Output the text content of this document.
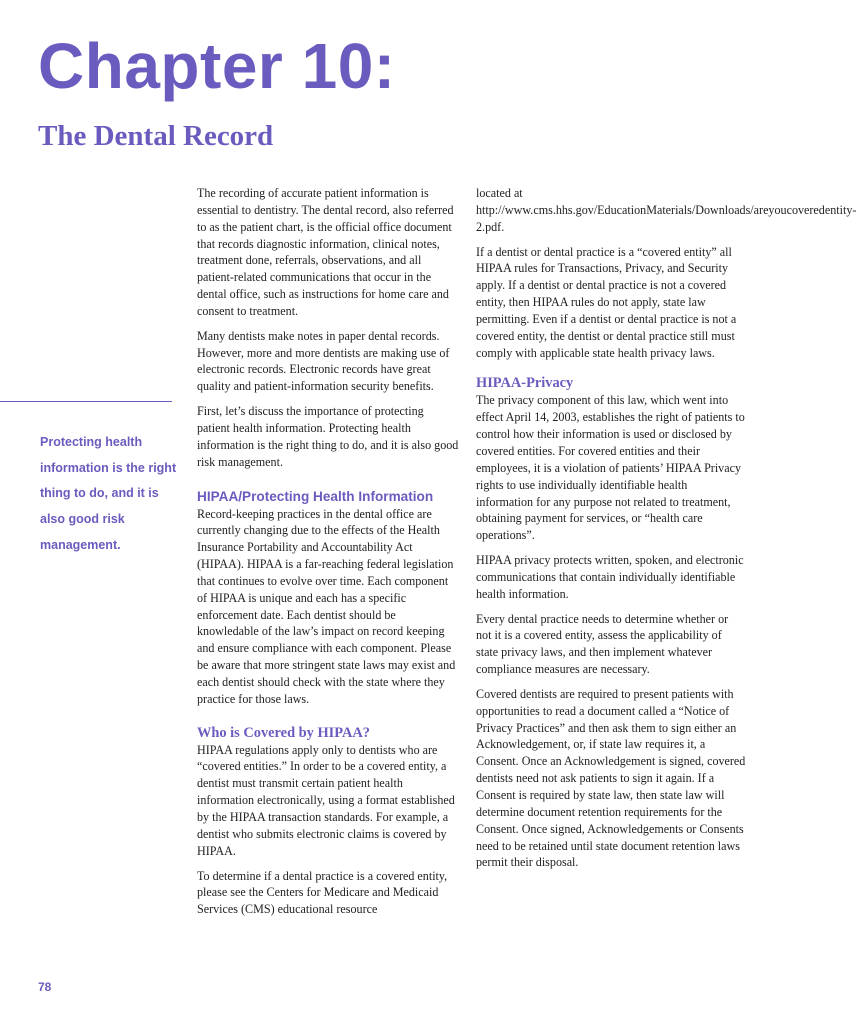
Chapter 10:
The Dental Record

Protecting health information is the right thing to do, and it is also good risk management.

The recording of accurate patient information is essential to dentistry. The dental record, also referred to as the patient chart, is the official office document that records diagnostic information, clinical notes, treatment done, referrals, observations, and all patient-related communications that occur in the dental office, such as instructions for home care and consent to treatment.

Many dentists make notes in paper dental records. However, more and more dentists are making use of electronic records. Electronic records have great quality and patient-information security benefits.

First, let’s discuss the importance of protecting patient health information. Protecting health information is the right thing to do, and it is also good risk management.

HIPAA/Protecting Health Information

Record-keeping practices in the dental office are currently changing due to the effects of the Health Insurance Portability and Accountability Act (HIPAA). HIPAA is a far-reaching federal legislation that continues to evolve over time. Each component of HIPAA is unique and each has a specific enforcement date. Each dentist should be knowledable of the law’s impact on record keeping and ensure compliance with each component. Please be aware that more stringent state laws may exist and each dentist should check with the state where they practice for those laws.

Who is Covered by HIPAA?

HIPAA regulations apply only to dentists who are “covered entities.” In order to be a covered entity, a dentist must transmit certain patient health information electronically, using a format established by the HIPAA transaction standards. For example, a dentist who submits electronic claims is covered by HIPAA.

To determine if a dental practice is a covered entity, please see the Centers for Medicare and Medicaid Services (CMS) educational resource

located at http://www.cms.hhs.gov/EducationMaterials/Downloads/areyoucoveredentity-2.pdf.

If a dentist or dental practice is a “covered entity” all HIPAA rules for Transactions, Privacy, and Security apply. If a dentist or dental practice is not a covered entity, then HIPAA rules do not apply, state law permitting. Even if a dentist or dental practice is not a covered entity, the dentist or dental practice still must comply with applicable state health privacy laws.

HIPAA-Privacy

The privacy component of this law, which went into effect April 14, 2003, establishes the right of patients to control how their information is used or disclosed by covered entities. For covered entities and their employees, it is a violation of patients’ HIPAA Privacy rights to use individually identifiable health information for any purpose not related to treatment, obtaining payment for services, or “health care operations”.

HIPAA privacy protects written, spoken, and electronic communications that contain individually identifiable health information.

Every dental practice needs to determine whether or not it is a covered entity, assess the applicability of state privacy laws, and then implement whatever compliance measures are necessary.

Covered dentists are required to present patients with opportunities to read a document called a “Notice of Privacy Practices” and then ask them to sign either an Acknowledgement, or, if state law requires it, a Consent. Once an Acknowledgement is signed, covered dentists need not ask patients to sign it again. If a Consent is required by state law, then state law will determine document retention requirements for the Consent. Once signed, Acknowledgements or Consents need to be retained until state document retention laws permit their disposal.

78
